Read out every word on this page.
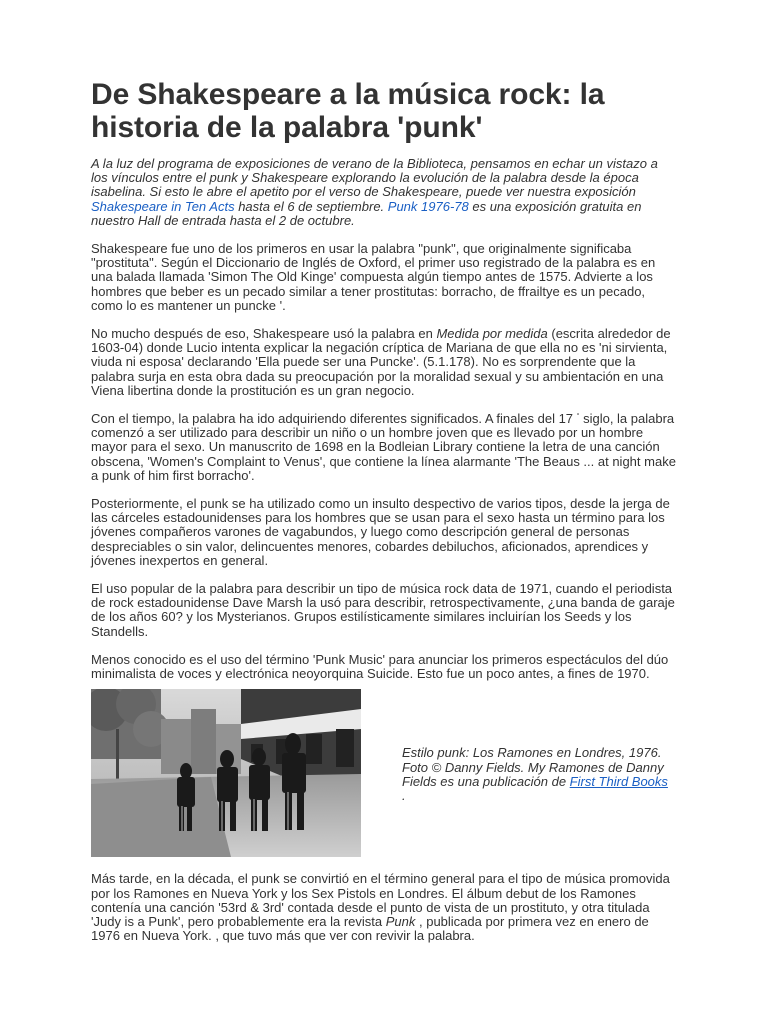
De Shakespeare a la música rock: la historia de la palabra 'punk'

A la luz del programa de exposiciones de verano de la Biblioteca, pensamos en echar un vistazo a los vínculos entre el punk y Shakespeare explorando la evolución de la palabra desde la época isabelina. Si esto le abre el apetito por el verso de Shakespeare, puede ver nuestra exposición Shakespeare in Ten Acts hasta el 6 de septiembre. Punk 1976-78 es una exposición gratuita en nuestro Hall de entrada hasta el 2 de octubre.

Shakespeare fue uno de los primeros en usar la palabra "punk", que originalmente significaba "prostituta". Según el Diccionario de Inglés de Oxford, el primer uso registrado de la palabra es en una balada llamada 'Simon The Old Kinge' compuesta algún tiempo antes de 1575. Advierte a los hombres que beber es un pecado similar a tener prostitutas: borracho, de ffrailtye es un pecado, como lo es mantener un puncke '.

No mucho después de eso, Shakespeare usó la palabra en Medida por medida (escrita alrededor de 1603-04) donde Lucio intenta explicar la negación críptica de Mariana de que ella no es 'ni sirvienta, viuda ni esposa' declarando 'Ella puede ser una Puncke'. (5.1.178). No es sorprendente que la palabra surja en esta obra dada su preocupación por la moralidad sexual y su ambientación en una Viena libertina donde la prostitución es un gran negocio.

Con el tiempo, la palabra ha ido adquiriendo diferentes significados. A finales del 17 ° siglo, la palabra comenzó a ser utilizado para describir un niño o un hombre joven que es llevado por un hombre mayor para el sexo. Un manuscrito de 1698 en la Bodleian Library contiene la letra de una canción obscena, 'Women's Complaint to Venus', que contiene la línea alarmante 'The Beaus ... at night make a punk of him first borracho'.

Posteriormente, el punk se ha utilizado como un insulto despectivo de varios tipos, desde la jerga de las cárceles estadounidenses para los hombres que se usan para el sexo hasta un término para los jóvenes compañeros varones de vagabundos, y luego como descripción general de personas despreciables o sin valor, delincuentes menores, cobardes debiluchos, aficionados, aprendices y jóvenes inexpertos en general.

El uso popular de la palabra para describir un tipo de música rock data de 1971, cuando el periodista de rock estadounidense Dave Marsh la usó para describir, retrospectivamente, ¿una banda de garaje de los años 60? y los Mysterianos. Grupos estilísticamente similares incluirían los Seeds y los Standells.

Menos conocido es el uso del término 'Punk Music' para anunciar los primeros espectáculos del dúo minimalista de voces y electrónica neoyorquina Suicide. Esto fue un poco antes, a fines de 1970.

Estilo punk: Los Ramones en Londres, 1976. Foto © Danny Fields. My Ramones de Danny Fields es una publicación de First Third Books .

Más tarde, en la década, el punk se convirtió en el término general para el tipo de música promovida por los Ramones en Nueva York y los Sex Pistols en Londres. El álbum debut de los Ramones contenía una canción '53rd & 3rd' contada desde el punto de vista de un prostituto, y otra titulada 'Judy is a Punk', pero probablemente era la revista Punk , publicada por primera vez en enero de 1976 en Nueva York. , que tuvo más que ver con revivir la palabra.
